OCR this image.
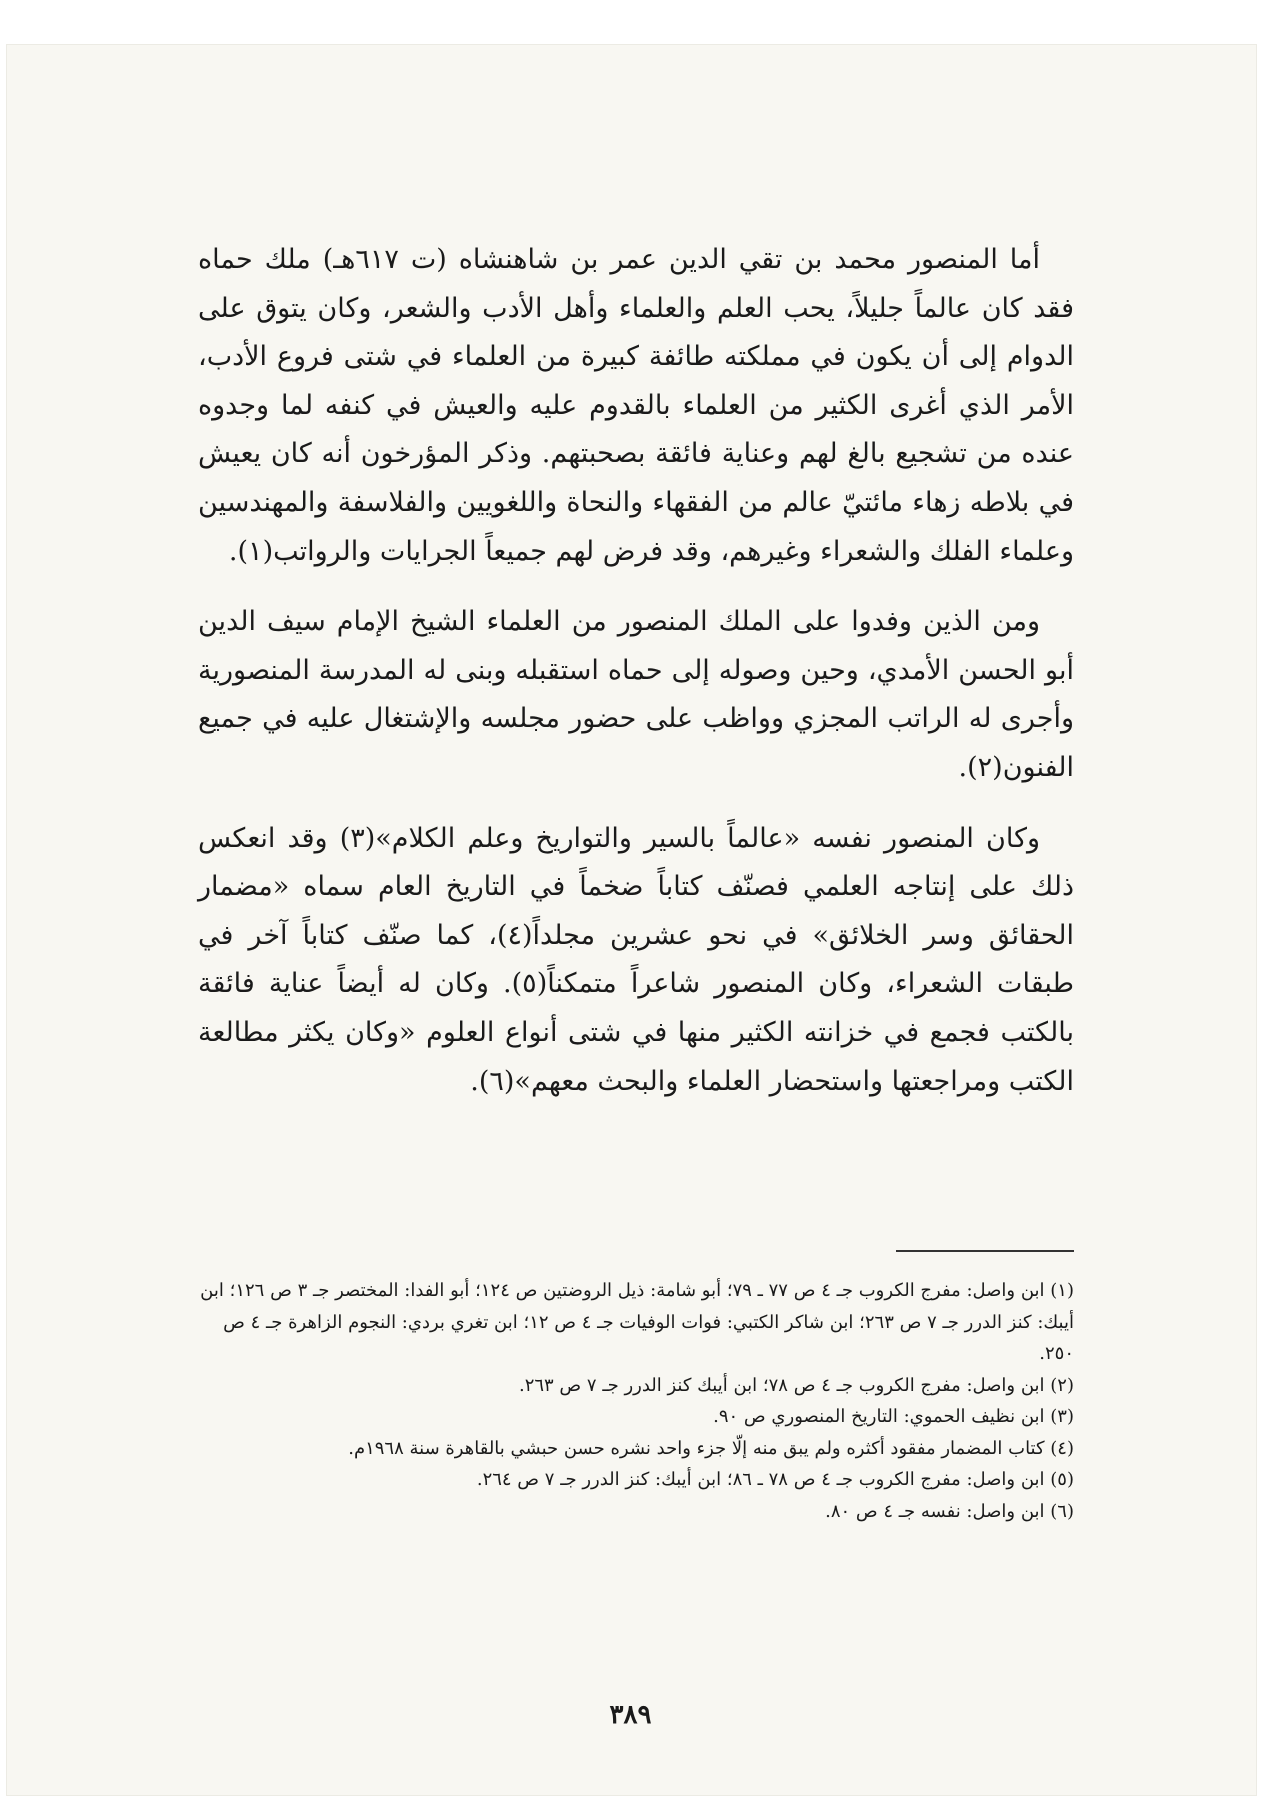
أما المنصور محمد بن تقي الدين عمر بن شاهنشاه (ت ٦١٧هـ) ملك حماه فقد كان عالماً جليلاً، يحب العلم والعلماء وأهل الأدب والشعر، وكان يتوق على الدوام إلى أن يكون في مملكته طائفة كبيرة من العلماء في شتى فروع الأدب، الأمر الذي أغرى الكثير من العلماء بالقدوم عليه والعيش في كنفه لما وجدوه عنده من تشجيع بالغ لهم وعناية فائقة بصحبتهم. وذكر المؤرخون أنه كان يعيش في بلاطه زهاء مائتيّ عالم من الفقهاء والنحاة واللغويين والفلاسفة والمهندسين وعلماء الفلك والشعراء وغيرهم، وقد فرض لهم جميعاً الجرايات والرواتب(١).

ومن الذين وفدوا على الملك المنصور من العلماء الشيخ الإمام سيف الدين أبو الحسن الأمدي، وحين وصوله إلى حماه استقبله وبنى له المدرسة المنصورية وأجرى له الراتب المجزي وواظب على حضور مجلسه والإشتغال عليه في جميع الفنون(٢).

وكان المنصور نفسه «عالماً بالسير والتواريخ وعلم الكلام»(٣) وقد انعكس ذلك على إنتاجه العلمي فصنّف كتاباً ضخماً في التاريخ العام سماه «مضمار الحقائق وسر الخلائق» في نحو عشرين مجلداً(٤)، كما صنّف كتاباً آخر في طبقات الشعراء، وكان المنصور شاعراً متمكناً(٥). وكان له أيضاً عناية فائقة بالكتب فجمع في خزانته الكثير منها في شتى أنواع العلوم «وكان يكثر مطالعة الكتب ومراجعتها واستحضار العلماء والبحث معهم»(٦).

(١) ابن واصل: مفرج الكروب جـ ٤ ص ٧٧ ـ ٧٩؛ أبو شامة: ذيل الروضتين ص ١٢٤؛ أبو الفدا: المختصر جـ ٣ ص ١٢٦؛ ابن أيبك: كنز الدرر جـ ٧ ص ٢٦٣؛ ابن شاكر الكتبي: فوات الوفيات جـ ٤ ص ١٢؛ ابن تغري بردي: النجوم الزاهرة جـ ٤ ص ٢٥٠.

(٢) ابن واصل: مفرج الكروب جـ ٤ ص ٧٨؛ ابن أيبك كنز الدرر جـ ٧ ص ٢٦٣.

(٣) ابن نظيف الحموي: التاريخ المنصوري ص ٩٠.

(٤) كتاب المضمار مفقود أكثره ولم يبق منه إلّا جزء واحد نشره حسن حبشي بالقاهرة سنة ١٩٦٨م.

(٥) ابن واصل: مفرج الكروب جـ ٤ ص ٧٨ ـ ٨٦؛ ابن أيبك: كنز الدرر جـ ٧ ص ٢٦٤.

(٦) ابن واصل: نفسه جـ ٤ ص ٨٠.

٣٨٩
